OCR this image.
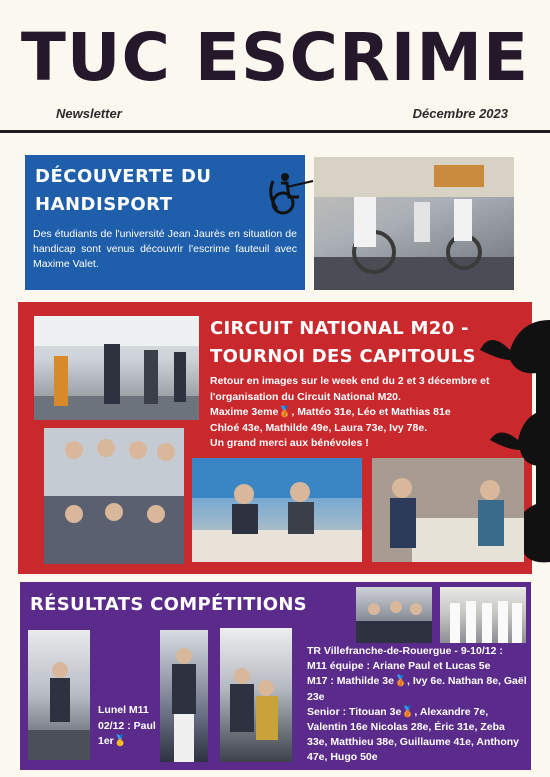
TUC ESCRIME
Newsletter	Décembre 2023
DÉCOUVERTE DU HANDISPORT

Des étudiants de l'université Jean Jaurès en situation de handicap sont venus découvrir l'escrime fauteuil avec Maxime Valet.

CIRCUIT NATIONAL M20 - TOURNOI DES CAPITOULS
Retour en images sur le week end du 2 et 3 décembre et l'organisation du Circuit National M20.
Maxime 3eme🥉, Mattéo 31e, Léo et Mathias 81e
Chloé 43e, Mathilde 49e, Laura 73e, Ivy 78e.
Un grand merci aux bénévoles !
RÉSULTATS COMPÉTITIONS
TR Villefranche-de-Rouergue - 9-10/12 :
M11 équipe : Ariane Paul et Lucas 5e
M17 : Mathilde 3e🥉, Ivy 6e. Nathan 8e, Gaël 23e
Senior : Titouan 3e🥉, Alexandre 7e, Valentin 16e Nicolas 28e, Éric 31e, Zeba 33e, Matthieu 38e, Guillaume 41e, Anthony 47e, Hugo 50e
Lunel M11 02/12 : Paul 1er🥇
